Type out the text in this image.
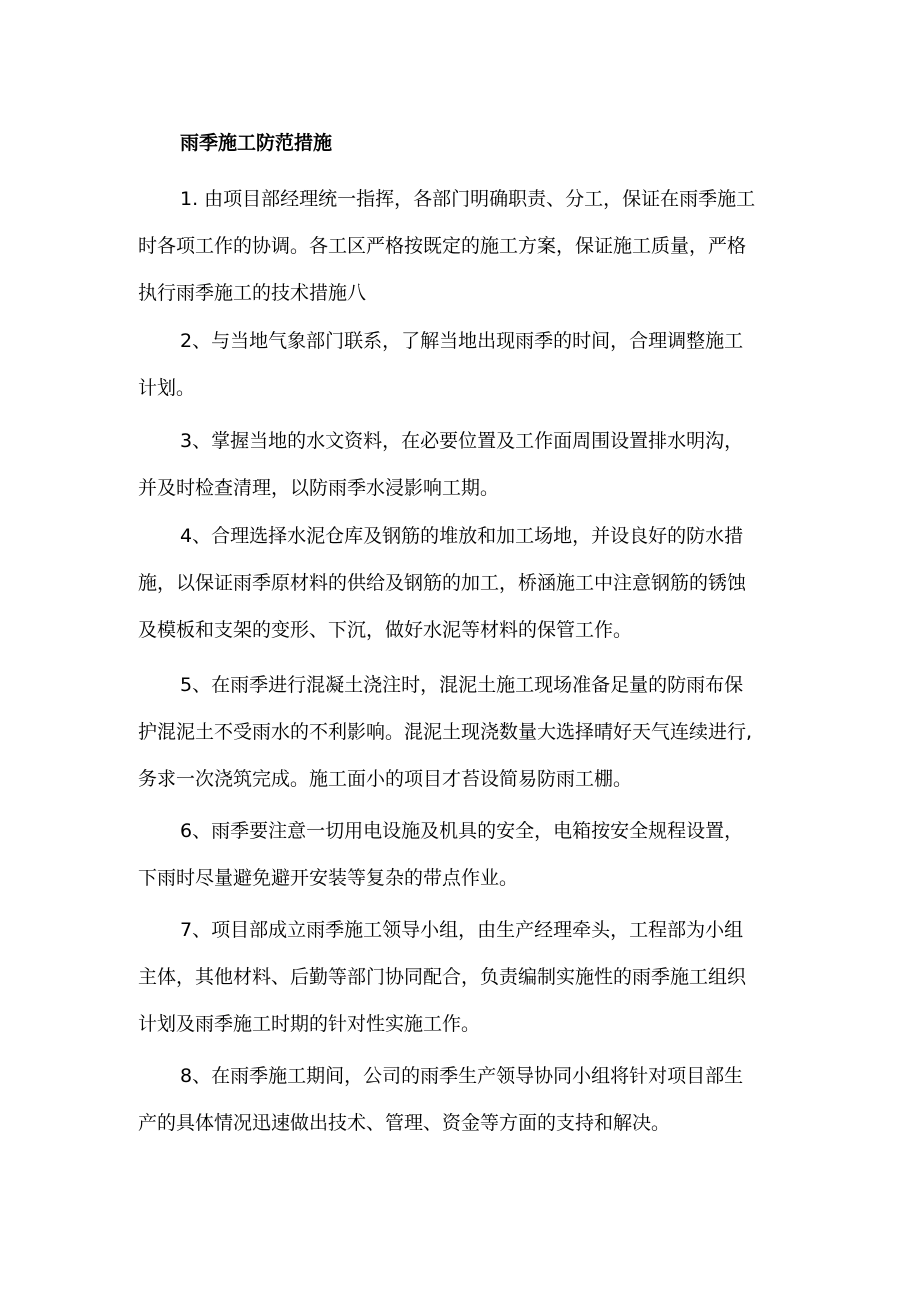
雨季施工防范措施
1. 由项目部经理统一指挥，各部门明确职责、分工，保证在雨季施工
时各项工作的协调。各工区严格按既定的施工方案，保证施工质量，严格
执行雨季施工的技术措施八
2、与当地气象部门联系，了解当地出现雨季的时间，合理调整施工
计划。
3、掌握当地的水文资料，在必要位置及工作面周围设置排水明沟，
并及时检查清理，以防雨季水浸影响工期。
4、合理选择水泥仓库及钢筋的堆放和加工场地，并设良好的防水措
施，以保证雨季原材料的供给及钢筋的加工，桥涵施工中注意钢筋的锈蚀
及模板和支架的变形、下沉，做好水泥等材料的保管工作。
5、在雨季进行混凝土浇注时，混泥土施工现场准备足量的防雨布保
护混泥土不受雨水的不利影响。混泥土现浇数量大选择晴好天气连续进行,
务求一次浇筑完成。施工面小的项目才苔设简易防雨工棚。
6、雨季要注意一切用电设施及机具的安全，电箱按安全规程设置，
下雨时尽量避免避开安装等复杂的带点作业。
7、项目部成立雨季施工领导小组，由生产经理牵头，工程部为小组
主体，其他材料、后勤等部门协同配合，负责编制实施性的雨季施工组织
计划及雨季施工时期的针对性实施工作。
8、在雨季施工期间，公司的雨季生产领导协同小组将针对项目部生
产的具体情况迅速做出技术、管理、资金等方面的支持和解决。
